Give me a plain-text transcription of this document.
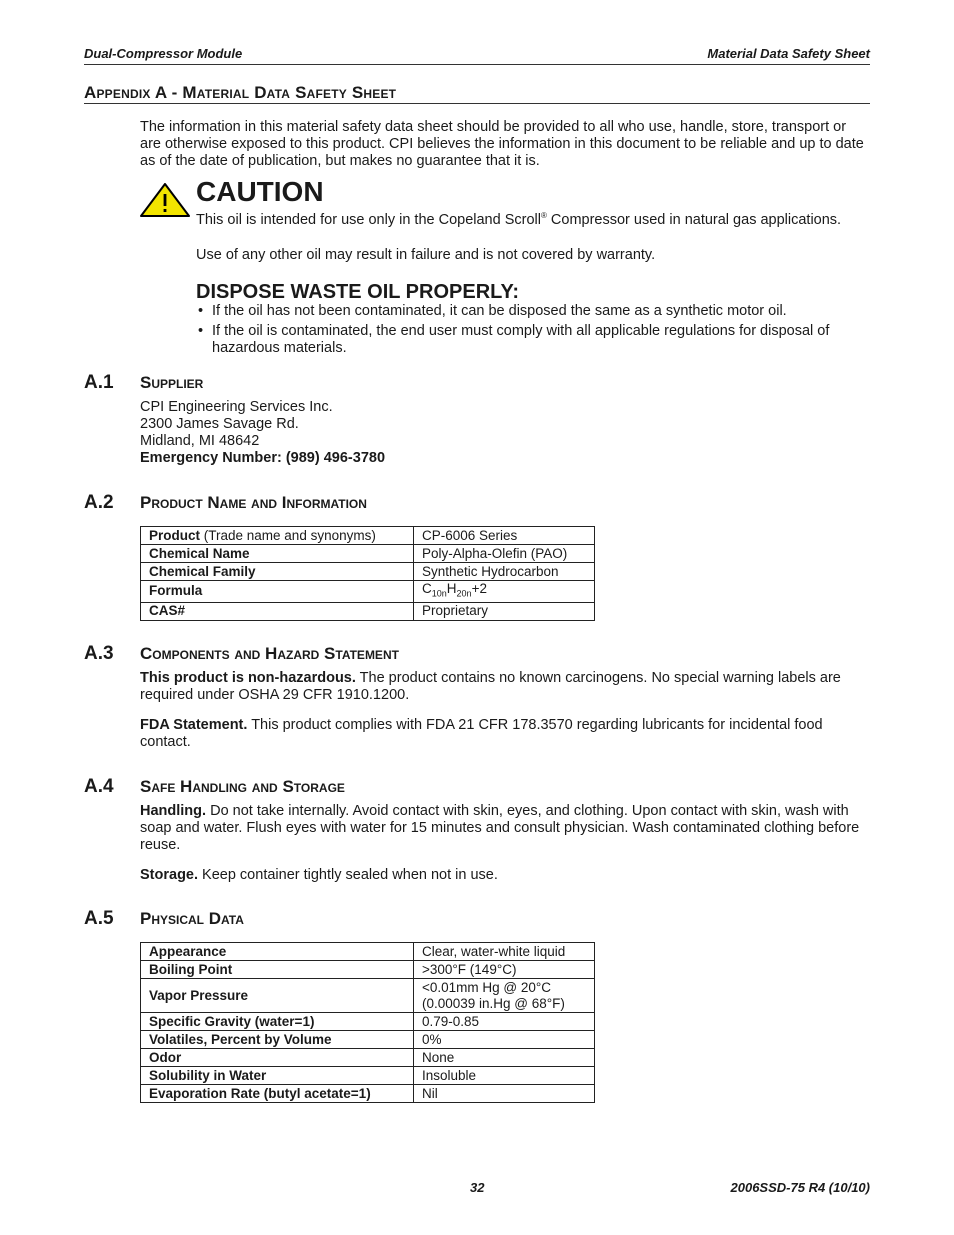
Dual-Compressor Module	Material Data Safety Sheet
Appendix A - Material Data Safety Sheet
The information in this material safety data sheet should be provided to all who use, handle, store, transport or are otherwise exposed to this product. CPI believes the information in this document to be reliable and up to date as of the date of publication, but makes no guarantee that it is.
CAUTION
This oil is intended for use only in the Copeland Scroll® Compressor used in natural gas applications.
Use of any other oil may result in failure and is not covered by warranty.
DISPOSE WASTE OIL PROPERLY:
• If the oil has not been contaminated, it can be disposed the same as a synthetic motor oil.
• If the oil is contaminated, the end user must comply with all applicable regulations for disposal of hazardous materials.
A.1 Supplier
CPI Engineering Services Inc.
2300 James Savage Rd.
Midland, MI 48642
Emergency Number: (989) 496-3780
A.2 Product Name and Information
Product (Trade name and synonyms)	CP-6006 Series
Chemical Name	Poly-Alpha-Olefin (PAO)
Chemical Family	Synthetic Hydrocarbon
Formula	$C_{10n}H_{20n}+2$
CAS#	Proprietary
A.3 Components and Hazard Statement
This product is non-hazardous. The product contains no known carcinogens. No special warning labels are required under OSHA 29 CFR 1910.1200.
FDA Statement. This product complies with FDA 21 CFR 178.3570 regarding lubricants for incidental food contact.
A.4 Safe Handling and Storage
Handling. Do not take internally. Avoid contact with skin, eyes, and clothing. Upon contact with skin, wash with soap and water. Flush eyes with water for 15 minutes and consult physician. Wash contaminated clothing before reuse.
Storage. Keep container tightly sealed when not in use.
A.5 Physical Data
Appearance	Clear, water-white liquid
Boiling Point	>300°F (149°C)
Vapor Pressure	<0.01mm Hg @ 20°C
(0.00039 in.Hg @ 68°F)

Specific Gravity (water=1)	0.79-0.85
Volatiles, Percent by Volume	0%
Odor	None
Solubility in Water	Insoluble
Evaporation Rate (butyl acetate=1)	Nil
32	2006SSD-75 R4 (10/10)
